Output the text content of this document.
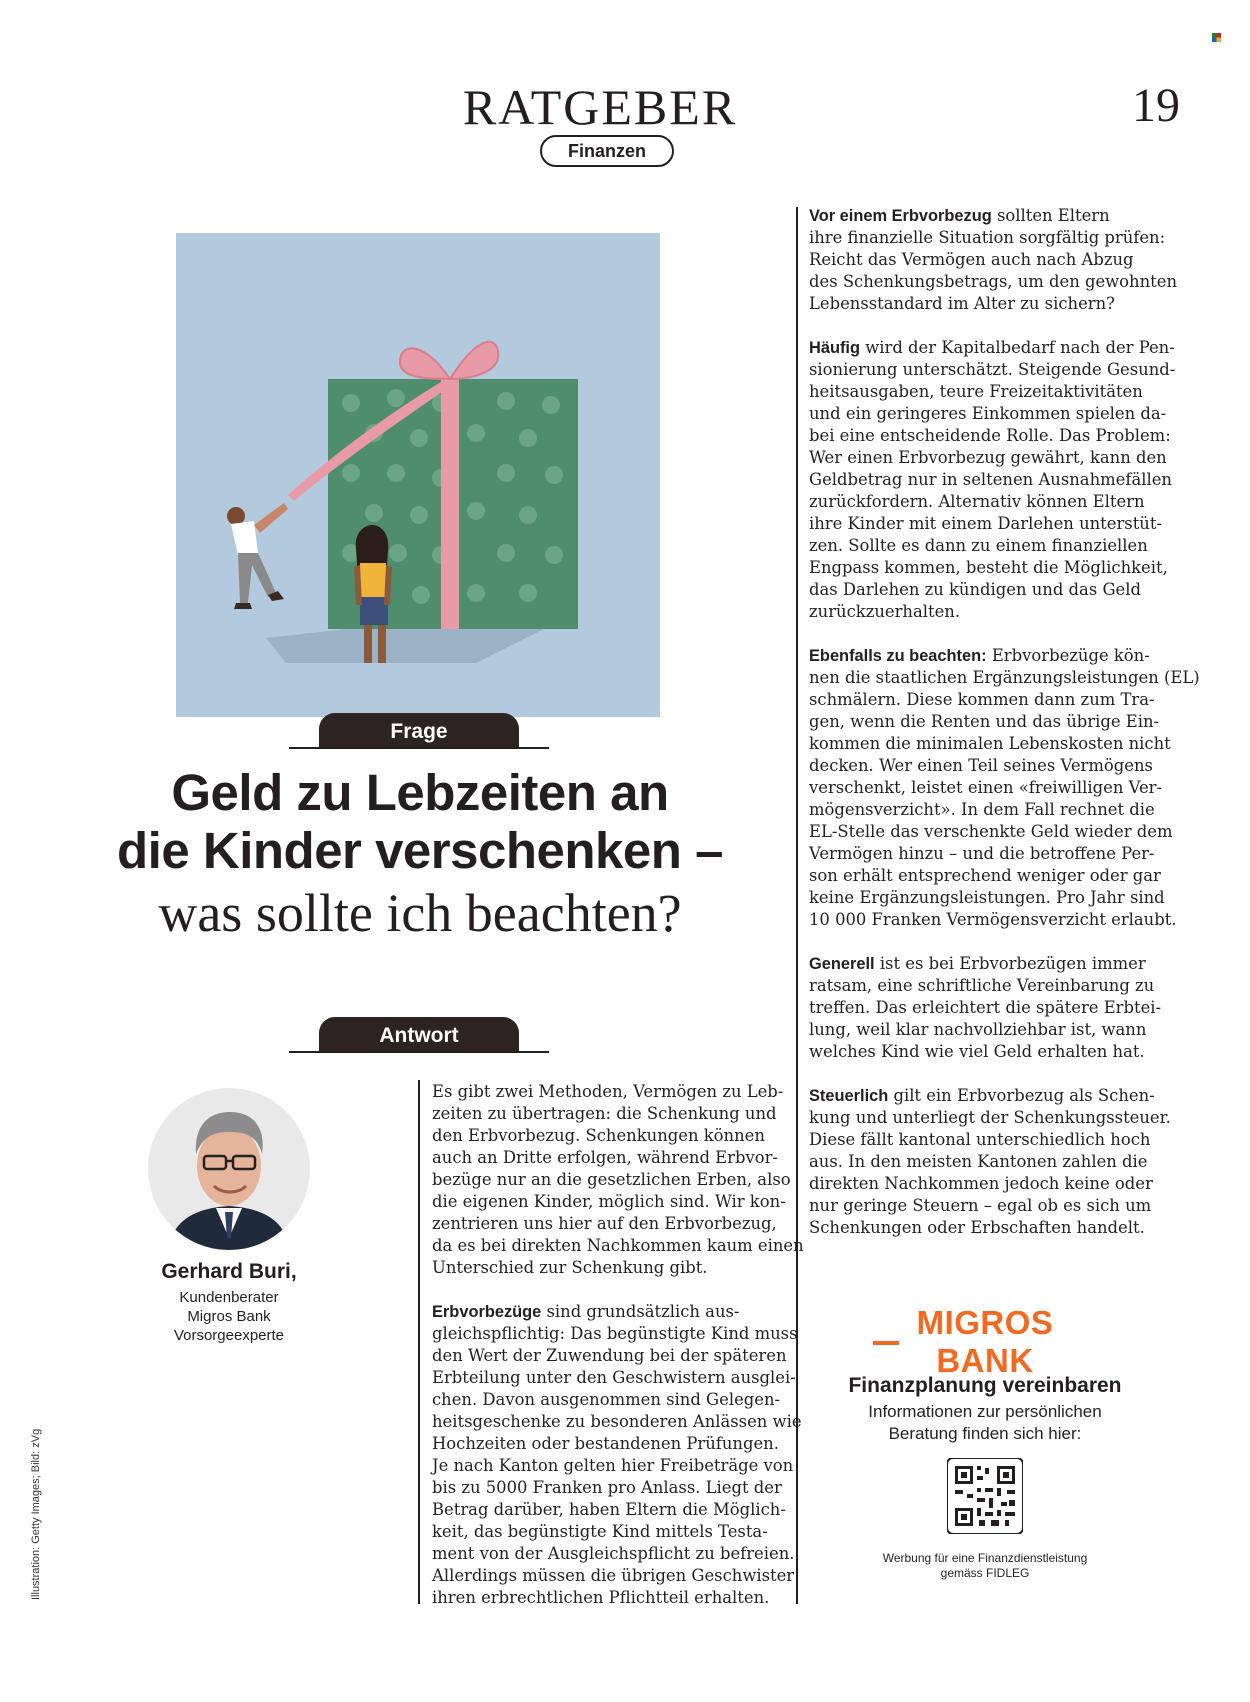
RATGEBER	19
Finanzen
Frage
Geld zu Lebzeiten an
die Kinder verschenken –
was sollte ich beachten?
Antwort
Gerhard Buri,
Kundenberater
Migros Bank
Vorsorgeexperte
Illustration: Getty Images; Bild: zVg

Es gibt zwei Methoden, Vermögen zu Leb-
zeiten zu übertragen: die Schenkung und
den Erbvorbezug. Schenkungen können
auch an Dritte erfolgen, während Erbvor-
bezüge nur an die gesetzlichen Erben, also
die eigenen Kinder, möglich sind. Wir kon-
zentrieren uns hier auf den Erbvorbezug,
da es bei direkten Nachkommen kaum einen
Unterschied zur Schenkung gibt.

Erbvorbezüge sind grundsätzlich aus-
gleichspflichtig: Das begünstigte Kind muss
den Wert der Zuwendung bei der späteren
Erbteilung unter den Geschwistern ausglei-
chen. Davon ausgenommen sind Gelegen-
heitsgeschenke zu besonderen Anlässen wie
Hochzeiten oder bestandenen Prüfungen.
Je nach Kanton gelten hier Freibeträge von
bis zu 5000 Franken pro Anlass. Liegt der
Betrag darüber, haben Eltern die Möglich-
keit, das begünstigte Kind mittels Testa-
ment von der Ausgleichspflicht zu befreien.
Allerdings müssen die übrigen Geschwister
ihren erbrechtlichen Pflichtteil erhalten.

Vor einem Erbvorbezug sollten Eltern
ihre finanzielle Situation sorgfältig prüfen:
Reicht das Vermögen auch nach Abzug
des Schenkungsbetrags, um den gewohnten
Lebensstandard im Alter zu sichern?

Häufig wird der Kapitalbedarf nach der Pen-
sionierung unterschätzt. Steigende Gesund-
heitsausgaben, teure Freizeitaktivitäten
und ein geringeres Einkommen spielen da-
bei eine entscheidende Rolle. Das Problem:
Wer einen Erbvorbezug gewährt, kann den
Geldbetrag nur in seltenen Ausnahmefällen
zurückfordern. Alternativ können Eltern
ihre Kinder mit einem Darlehen unterstüt-
zen. Sollte es dann zu einem finanziellen
Engpass kommen, besteht die Möglichkeit,
das Darlehen zu kündigen und das Geld
zurückzuerhalten.

Ebenfalls zu beachten: Erbvorbezüge kön-
nen die staatlichen Ergänzungsleistungen (EL)
schmälern. Diese kommen dann zum Tra-
gen, wenn die Renten und das übrige Ein-
kommen die minimalen Lebenskosten nicht
decken. Wer einen Teil seines Vermögens
verschenkt, leistet einen «freiwilligen Ver-
mögensverzicht». In dem Fall rechnet die
EL-Stelle das verschenkte Geld wieder dem
Vermögen hinzu – und die betroffene Per-
son erhält entsprechend weniger oder gar
keine Ergänzungsleistungen. Pro Jahr sind
10 000 Franken Vermögensverzicht erlaubt.

Generell ist es bei Erbvorbezügen immer
ratsam, eine schriftliche Vereinbarung zu
treffen. Das erleichtert die spätere Erbtei-
lung, weil klar nachvollziehbar ist, wann
welches Kind wie viel Geld erhalten hat.

Steuerlich gilt ein Erbvorbezug als Schen-
kung und unterliegt der Schenkungssteuer.
Diese fällt kantonal unterschiedlich hoch
aus. In den meisten Kantonen zahlen die
direkten Nachkommen jedoch keine oder
nur geringe Steuern – egal ob es sich um
Schenkungen oder Erbschaften handelt.

MIGROS BANK
Finanzplanung vereinbaren
Informationen zur persönlichen
Beratung finden sich hier:
Werbung für eine Finanzdienstleistung
gemäss FIDLEG
